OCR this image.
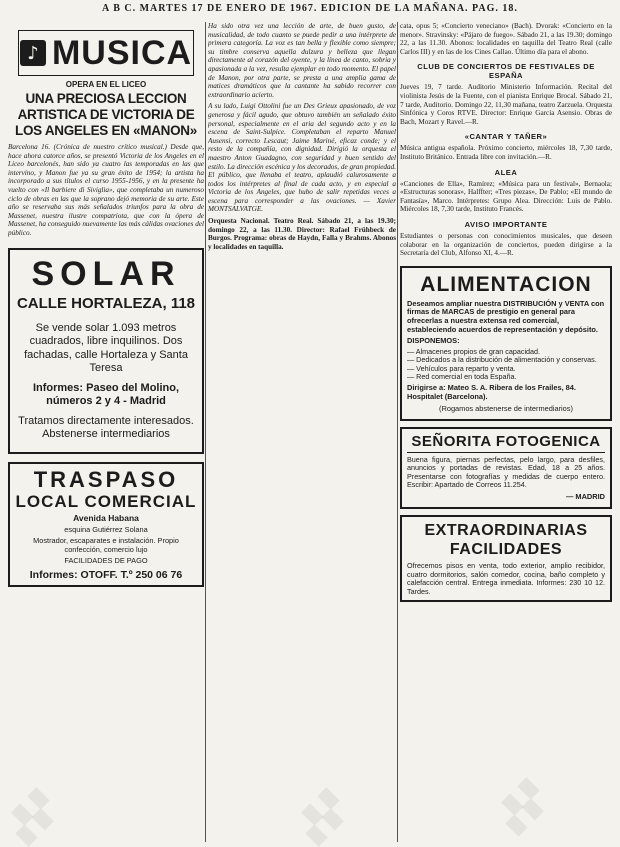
A B C. MARTES 17 DE ENERO DE 1967. EDICION DE LA MAÑANA. PAG. 18.
♪ MUSICA
OPERA EN EL LICEO
UNA PRECIOSA LECCION ARTISTICA DE VICTORIA DE LOS ANGELES EN «MANON»

Barcelona 16. (Crónica de nuestro crítico musical.) Desde que, hace ahora catorce años, se presentó Victoria de los Angeles en el Liceo barcelonés, han sido ya cuatro las temporadas en las que intervino, y Manon fue ya su gran éxito de 1954; la artista ha incorporado a sus títulos el curso 1955-1956, y en la presente ha vuelto con «Il barbiere di Siviglia», que completaba un numeroso ciclo de obras en las que la soprano dejó memoria de su arte. Este año se reservaba sus más señalados triunfos para la obra de Massenet, nuestra ilustre compatriota, que con la ópera de Massenet, ha conseguido nuevamente las más cálidas ovaciones del público.

SOLAR
CALLE HORTALEZA, 118
Se vende solar 1.093 metros cuadrados, libre inquilinos. Dos fachadas, calle Hortaleza y Santa Teresa
Informes: Paseo del Molino, números 2 y 4 - Madrid
Tratamos directamente interesados. Abstenerse intermediarios
TRASPASO
LOCAL COMERCIAL
Avenida Habana
esquina Gutiérrez Solana
Mostrador, escaparates e instalación. Propio confección, comercio lujo
FACILIDADES DE PAGO
Informes: OTOFF. T.º 250 06 76

Ha sido otra vez una lección de arte, de buen gusto, de musicalidad, de todo cuanto se puede pedir a una intérprete de primera categoría. La voz es tan bella y flexible como siempre; su timbre conserva aquella dulzura y belleza que llegan directamente al corazón del oyente, y la línea de canto, sobria y apasionada a la vez, resulta ejemplar en todo momento. El papel de Manon, por otra parte, se presta a una amplia gama de matices dramáticos que la cantante ha sabido recorrer con extraordinario acierto.

A su lado, Luigi Ottolini fue un Des Grieux apasionado, de voz generosa y fácil agudo, que obtuvo también un señalado éxito personal, especialmente en el aria del segundo acto y en la escena de Saint-Sulpice. Completaban el reparto Manuel Ausensi, correcto Lescaut; Jaime Mariné, eficaz conde; y el resto de la compañía, con dignidad. Dirigió la orquesta el maestro Anton Guadagno, con seguridad y buen sentido del estilo. La dirección escénica y los decorados, de gran propiedad. El público, que llenaba el teatro, aplaudió calurosamente a todos los intérpretes al final de cada acto, y en especial a Victoria de los Angeles, que hubo de salir repetidas veces a escena para corresponder a las ovaciones. — Xavier MONTSALVATGE.

Orquesta Nacional. Teatro Real. Sábado 21, a las 19.30; domingo 22, a las 11.30. Director: Rafael Frühbeck de Burgos. Programa: obras de Haydn, Falla y Brahms. Abonos y localidades en taquilla.

cata, opus 5; «Concierto veneciano» (Bach). Dvorak: «Concierto en la menor». Stravinsky: «Pájaro de fuego». Sábado 21, a las 19.30; domingo 22, a las 11.30. Abonos: localidades en taquilla del Teatro Real (calle Carlos III) y en las de los Cines Callao. Último día para el abono.

CLUB DE CONCIERTOS DE FESTIVALES DE ESPAÑA

Jueves 19, 7 tarde. Auditorio Ministerio Información. Recital del violinista Jesús de la Fuente, con el pianista Enrique Brocal. Sábado 21, 7 tarde, Auditorio. Domingo 22, 11,30 mañana, teatro Zarzuela. Orquesta Sinfónica y Coros RTVE. Director: Enrique García Asensio. Obras de Bach, Mozart y Ravel.—R.

«CANTAR Y TAÑER»

Música antigua española. Próximo concierto, miércoles 18, 7,30 tarde, Instituto Británico. Entrada libre con invitación.—R.

ALEA

«Canciones de Ella», Ramírez; «Música para un festival», Bernaola; «Estructuras sonoras», Halffter; «Tres piezas», De Pablo; «El mundo de Fantasía», Marco. Intérpretes: Grupo Alea. Dirección: Luis de Pablo. Miércoles 18, 7,30 tarde, Instituto Francés.

AVISO IMPORTANTE

Estudiantes o personas con conocimientos musicales, que deseen colaborar en la organización de conciertos, pueden dirigirse a la Secretaría del Club, Alfonso XI, 4.—R.

ALIMENTACION
Deseamos ampliar nuestra DISTRIBUCIÓN y VENTA con firmas de MARCAS de prestigio en general para ofrecerlas a nuestra extensa red comercial, estableciendo acuerdos de representación y depósito.
DISPONEMOS:
— Almacenes propios de gran capacidad.
— Dedicados a la distribución de alimentación y conservas.
— Vehículos para reparto y venta.
— Red comercial en toda España.
Dirigirse a: Mateo S. A. Ribera de los Frailes, 84. Hospitalet (Barcelona).
(Rogamos abstenerse de intermediarios)
SEÑORITA FOTOGENICA

Buena figura, piernas perfectas, pelo largo, para desfiles, anuncios y portadas de revistas. Edad, 18 a 25 años. Presentarse con fotografías y medidas de cuerpo entero. Escribir: Apartado de Correos 11.254.

— MADRID
EXTRAORDINARIAS FACILIDADES

Ofrecemos pisos en venta, todo exterior, amplio recibidor, cuatro dormitorios, salón comedor, cocina, baño completo y calefacción central. Entrega inmediata. Informes: 230 10 12. Tardes.

▞▞	▞▞	▞▞
